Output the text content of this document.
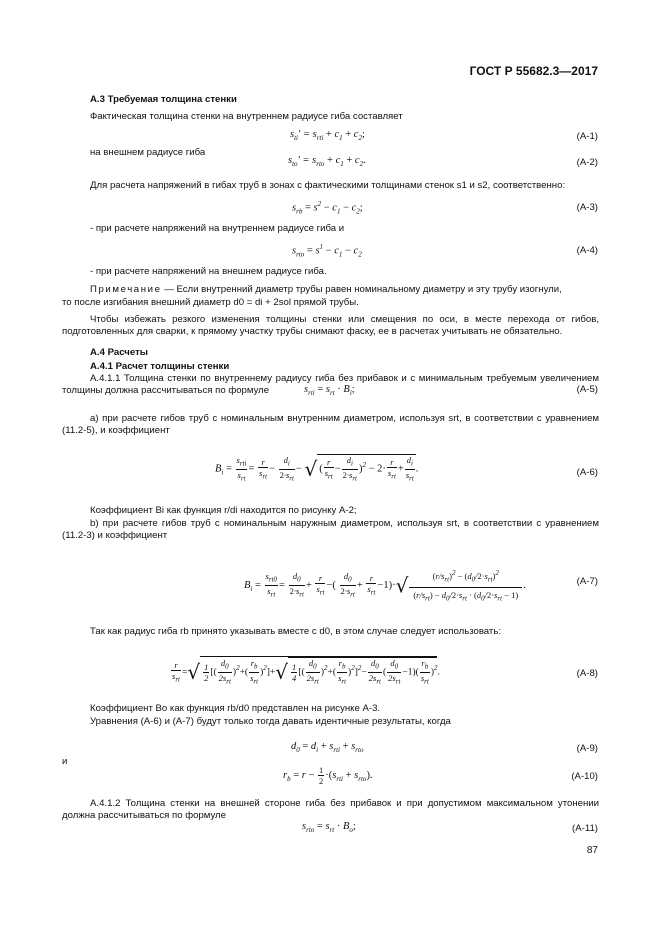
ГОСТ Р 55682.3—2017
А.3 Требуемая толщина стенки
Фактическая толщина стенки на внутреннем радиусе гиба составляет
$s_{ti}' = s_{rti} + c_1 + c_2$;	(А-1)
на внешнем радиусе гиба
$s_{to}' = s_{rto} + c_1 + c_2$.	(А-2)
Для расчета напряжений в гибах труб в зонах с фактическими толщинами стенок s1 и s2, соответственно:
$s_{rb} = s^2 - c_1 - c_2$;	(А-3)
- при расчете напряжений на внутреннем радиусе гиба и
$s_{rto} = s^1 - c_1 - c_2$	(А-4)
- при расчете напряжений на внешнем радиусе гиба.
Примечание — Если внутренний диаметр трубы равен номинальному диаметру и эту трубу изогнули,
то после изгибания внешний диаметр d0 = di + 2sol прямой трубы.
Чтобы избежать резкого изменения толщины стенки или смещения по оси, в месте перехода от гибов, подготовленных для сварки, к прямому участку трубы снимают фаску, ее в расчетах учитывать не обязательно.
А.4 Расчеты
А.4.1 Расчет толщины стенки
А.4.1.1 Толщина стенки по внутреннему радиусу гиба без прибавок и с минимальным требуемым увеличением толщины должна рассчитываться по формуле	$s_{rti} = s_{rt} \cdot B_i$;	(А-5)
а) при расчете гибов труб с номинальным внутренним диаметром, используя srt, в соответствии с уравнением (11.2-5), и коэффициент
$B_i = \frac{s_{rti}}{s_{rt}} = \frac{r}{s_{rt}} - \frac{d_i}{2\cdot s_{rt}}$ − √ ( $\frac{r}{s_{rt}} - \frac{d_i}{2\cdot s_{rt}} )^2 - 2\cdot \frac{r}{s_{rt}} + \frac{d_i}{s_{rt}}$ .	(А-6)
Коэффициент Bi как функция r/di находится по рисунку А-2;
b) при расчете гибов труб с номинальным наружным диаметром, используя srt, в соответствии с уравнением (11.2-3) и коэффициент
$B_i = \frac{s_{rt0}}{s_{rt}} = \frac{d_0}{2\cdot s_{rt}} + \frac{r}{s_{rt}}$ −( $\frac{d_0}{2\cdot s_{rt}} + \frac{r}{s_{rt}} -1)\cdot√ \frac{(r/s_{rt})^2 - (d_0/2\cdot s_{rt})^2}{(r/s_{rt}) - d_0/2\cdot s_{rt} \cdot (d_0/2\cdot s_{rt} - 1)}$ .	(А-7)
Так как радиус гиба rb принято указывать вместе с d0, в этом случае следует использовать:
$\frac{r}{s_{rt}}$ =√ $\frac{1}{2}$ [( $\frac{d_0}{2s_{rt}} )^2+( \frac{r_b}{s_{rt}} )^2]+√ \frac{1}{4}$ [( $\frac{d_0}{2s_{rt}} )^2+( \frac{r_b}{s_{rt}} )^2]^2- \frac{d_0}{2s_{rt}}$ ( $\frac{d_0}{2s_{rt}} -1)( \frac{r_b}{s_{rt}} )^2$.	(А-8)
Коэффициент Bo как функция rb/d0 представлен на рисунке А-3.
Уравнения (А-6) и (А-7) будут только тогда давать идентичные результаты, когда
$d_0 = d_i + s_{rti} + s_{rto}$	(А-9)
и
$r_b = r - \frac{1}{2} \cdot(s_{rti} + s_{rto})$.	(А-10)
А.4.1.2 Толщина стенки на внешней стороне гиба без прибавок и при допустимом максимальном утонении должна рассчитываться по формуле
$s_{rto} = s_{rt} \cdot B_o$;	(А-11)
87
